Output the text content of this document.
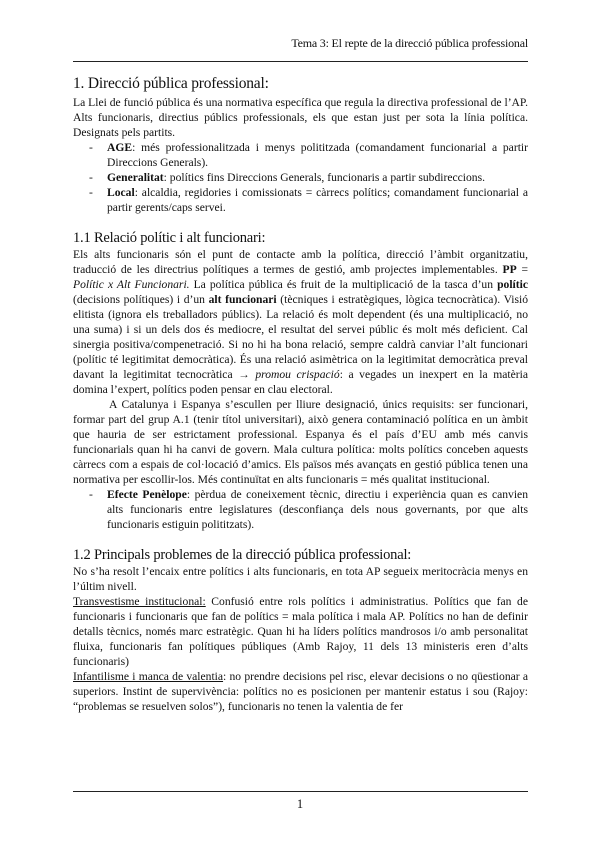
Tema 3: El repte de la direcció pública professional
1. Direcció pública professional:

La Llei de funció pública és una normativa específica que regula la directiva professional de l’AP. Alts funcionaris, directius públics professionals, els que estan just per sota la línia política. Designats pels partits.

- AGE: més professionalitzada i menys polititzada (comandament funcionarial a partir Direccions Generals).
- Generalitat: polítics fins Direccions Generals, funcionaris a partir subdireccions.
- Local: alcaldia, regidories i comissionats = càrrecs polítics; comandament funcionarial a partir gerents/caps servei.
1.1 Relació polític i alt funcionari:

Els alts funcionaris són el punt de contacte amb la política, direcció l’àmbit organitzatiu, traducció de les directrius polítiques a termes de gestió, amb projectes implementables. PP = Polític x Alt Funcionari. La política pública és fruit de la multiplicació de la tasca d’un polític (decisions polítiques) i d’un alt funcionari (tècniques i estratègiques, lògica tecnocràtica). Visió elitista (ignora els treballadors públics). La relació és molt dependent (és una multiplicació, no una suma) i si un dels dos és mediocre, el resultat del servei públic és molt més deficient. Cal sinergia positiva/compenetració. Si no hi ha bona relació, sempre caldrà canviar l’alt funcionari (polític té legitimitat democràtica). És una relació asimètrica on la legitimitat democràtica preval davant la legitimitat tecnocràtica → promou crispació: a vegades un inexpert en la matèria domina l’expert, polítics poden pensar en clau electoral.

A Catalunya i Espanya s’escullen per lliure designació, únics requisits: ser funcionari, formar part del grup A.1 (tenir títol universitari), això genera contaminació política en un àmbit que hauria de ser estrictament professional. Espanya és el país d’EU amb més canvis funcionarials quan hi ha canvi de govern. Mala cultura política: molts polítics conceben aquests càrrecs com a espais de col·locació d’amics. Els països més avançats en gestió pública tenen una normativa per escollir-los. Més continuïtat en alts funcionaris = més qualitat institucional.

- Efecte Penèlope: pèrdua de coneixement tècnic, directiu i experiència quan es canvien alts funcionaris entre legislatures (desconfiança dels nous governants, por que alts funcionaris estiguin polititzats).
1.2 Principals problemes de la direcció pública professional:

No s’ha resolt l’encaix entre polítics i alts funcionaris, en tota AP segueix meritocràcia menys en l’últim nivell.

Transvestisme institucional: Confusió entre rols polítics i administratius. Polítics que fan de funcionaris i funcionaris que fan de polítics = mala política i mala AP. Polítics no han de definir detalls tècnics, només marc estratègic. Quan hi ha líders polítics mandrosos i/o amb personalitat fluixa, funcionaris fan polítiques públiques (Amb Rajoy, 11 dels 13 ministeris eren d’alts funcionaris)

Infantilisme i manca de valentia: no prendre decisions pel risc, elevar decisions o no qüestionar a superiors. Instint de supervivència: polítics no es posicionen per mantenir estatus i sou (Rajoy: “problemas se resuelven solos”), funcionaris no tenen la valentia de fer

1
